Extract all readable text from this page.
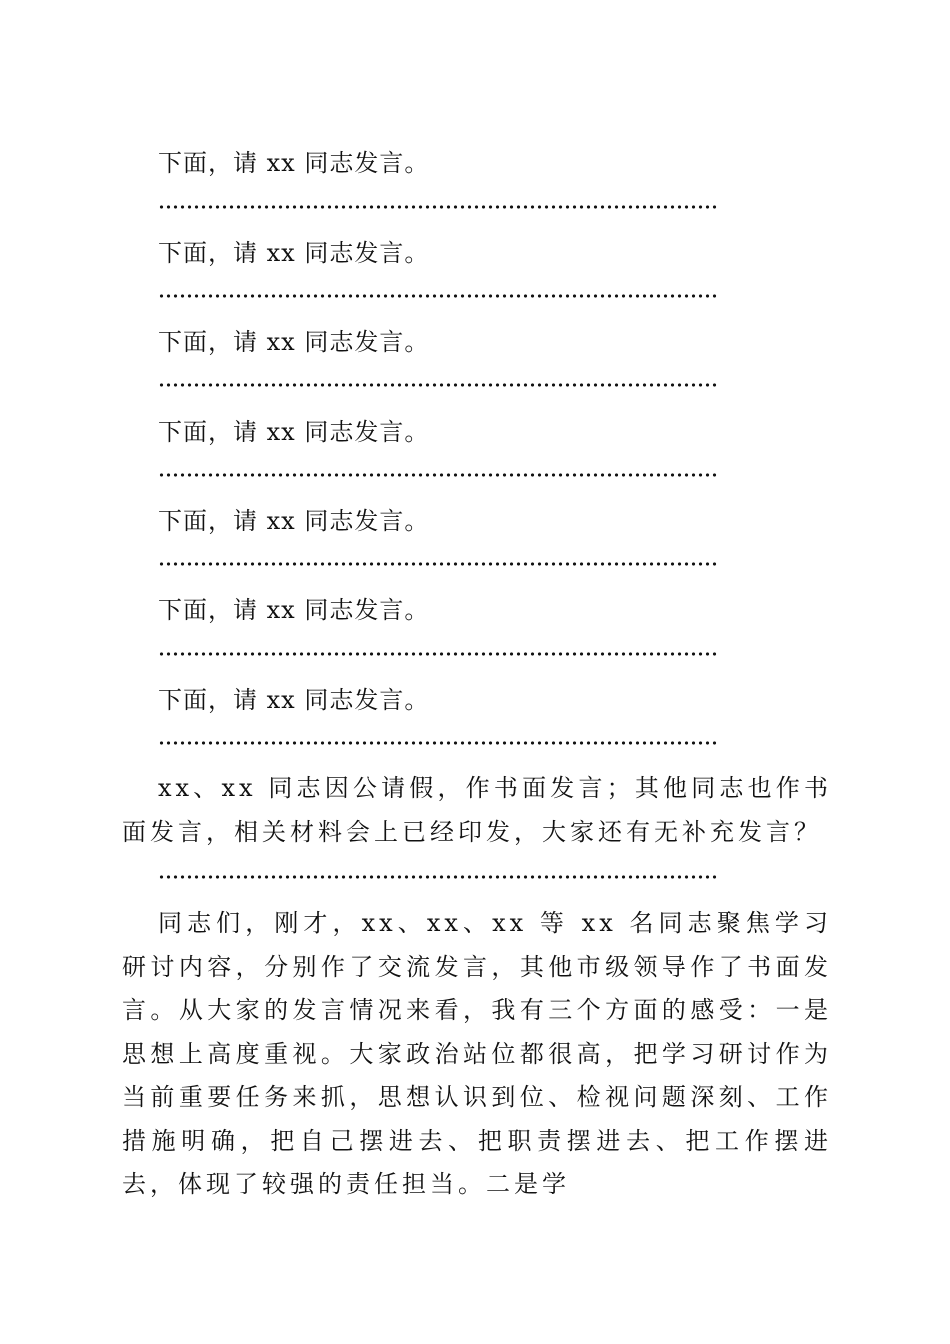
下面，请 xx 同志发言。
下面，请 xx 同志发言。
下面，请 xx 同志发言。
下面，请 xx 同志发言。
下面，请 xx 同志发言。
下面，请 xx 同志发言。
下面，请 xx 同志发言。
xx、xx 同志因公请假，作书面发言；其他同志也作书面发言，相关材料会上已经印发，大家还有无补充发言？
同志们，刚才，xx、xx、xx 等 xx 名同志聚焦学习研讨内容，分别作了交流发言，其他市级领导作了书面发言。从大家的发言情况来看，我有三个方面的感受：一是思想上高度重视。大家政治站位都很高，把学习研讨作为当前重要任务来抓，思想认识到位、检视问题深刻、工作措施明确，把自己摆进去、把职责摆进去、把工作摆进去，体现了较强的责任担当。二是学
